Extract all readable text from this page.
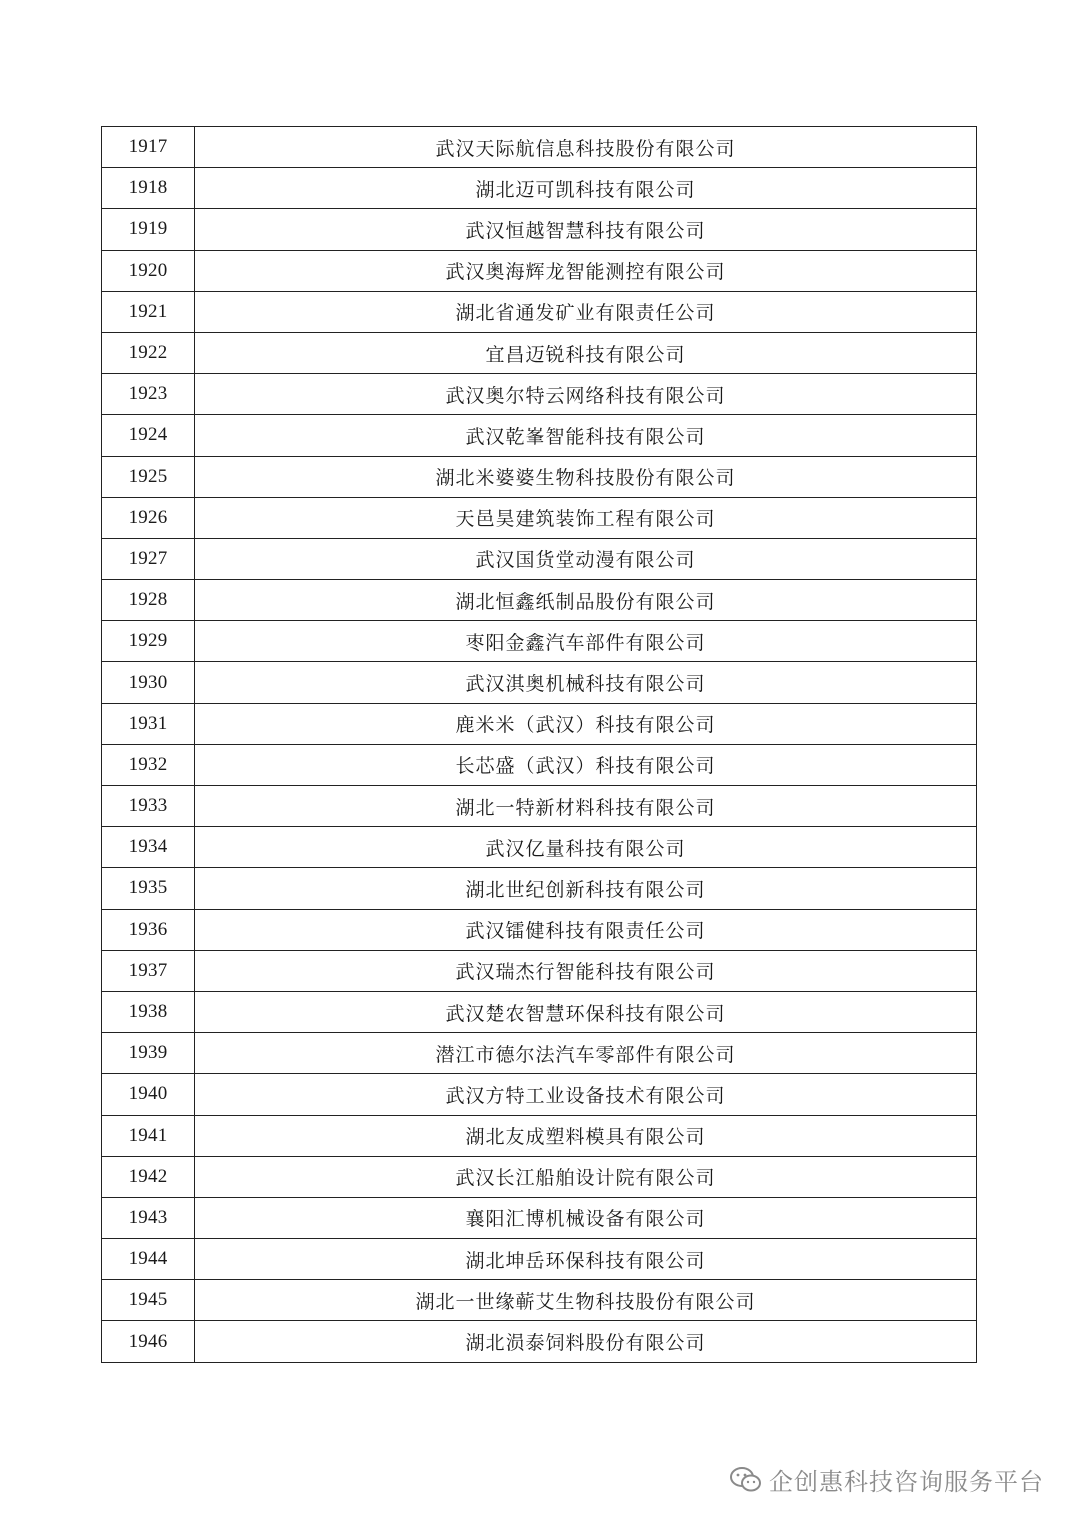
1917	武汉天际航信息科技股份有限公司
1918	湖北迈可凯科技有限公司
1919	武汉恒越智慧科技有限公司
1920	武汉奥海辉龙智能测控有限公司
1921	湖北省通发矿业有限责任公司
1922	宜昌迈锐科技有限公司
1923	武汉奥尔特云网络科技有限公司
1924	武汉乾峯智能科技有限公司
1925	湖北米婆婆生物科技股份有限公司
1926	天邑昊建筑装饰工程有限公司
1927	武汉国货堂动漫有限公司
1928	湖北恒鑫纸制品股份有限公司
1929	枣阳金鑫汽车部件有限公司
1930	武汉淇奥机械科技有限公司
1931	鹿米米（武汉）科技有限公司
1932	长芯盛（武汉）科技有限公司
1933	湖北一特新材料科技有限公司
1934	武汉亿量科技有限公司
1935	湖北世纪创新科技有限公司
1936	武汉镭健科技有限责任公司
1937	武汉瑞杰行智能科技有限公司
1938	武汉楚农智慧环保科技有限公司
1939	潜江市德尔法汽车零部件有限公司
1940	武汉方特工业设备技术有限公司
1941	湖北友成塑料模具有限公司
1942	武汉长江船舶设计院有限公司
1943	襄阳汇博机械设备有限公司
1944	湖北坤岳环保科技有限公司
1945	湖北一世缘蕲艾生物科技股份有限公司
1946	湖北涢泰饲料股份有限公司
企创惠科技咨询服务平台
